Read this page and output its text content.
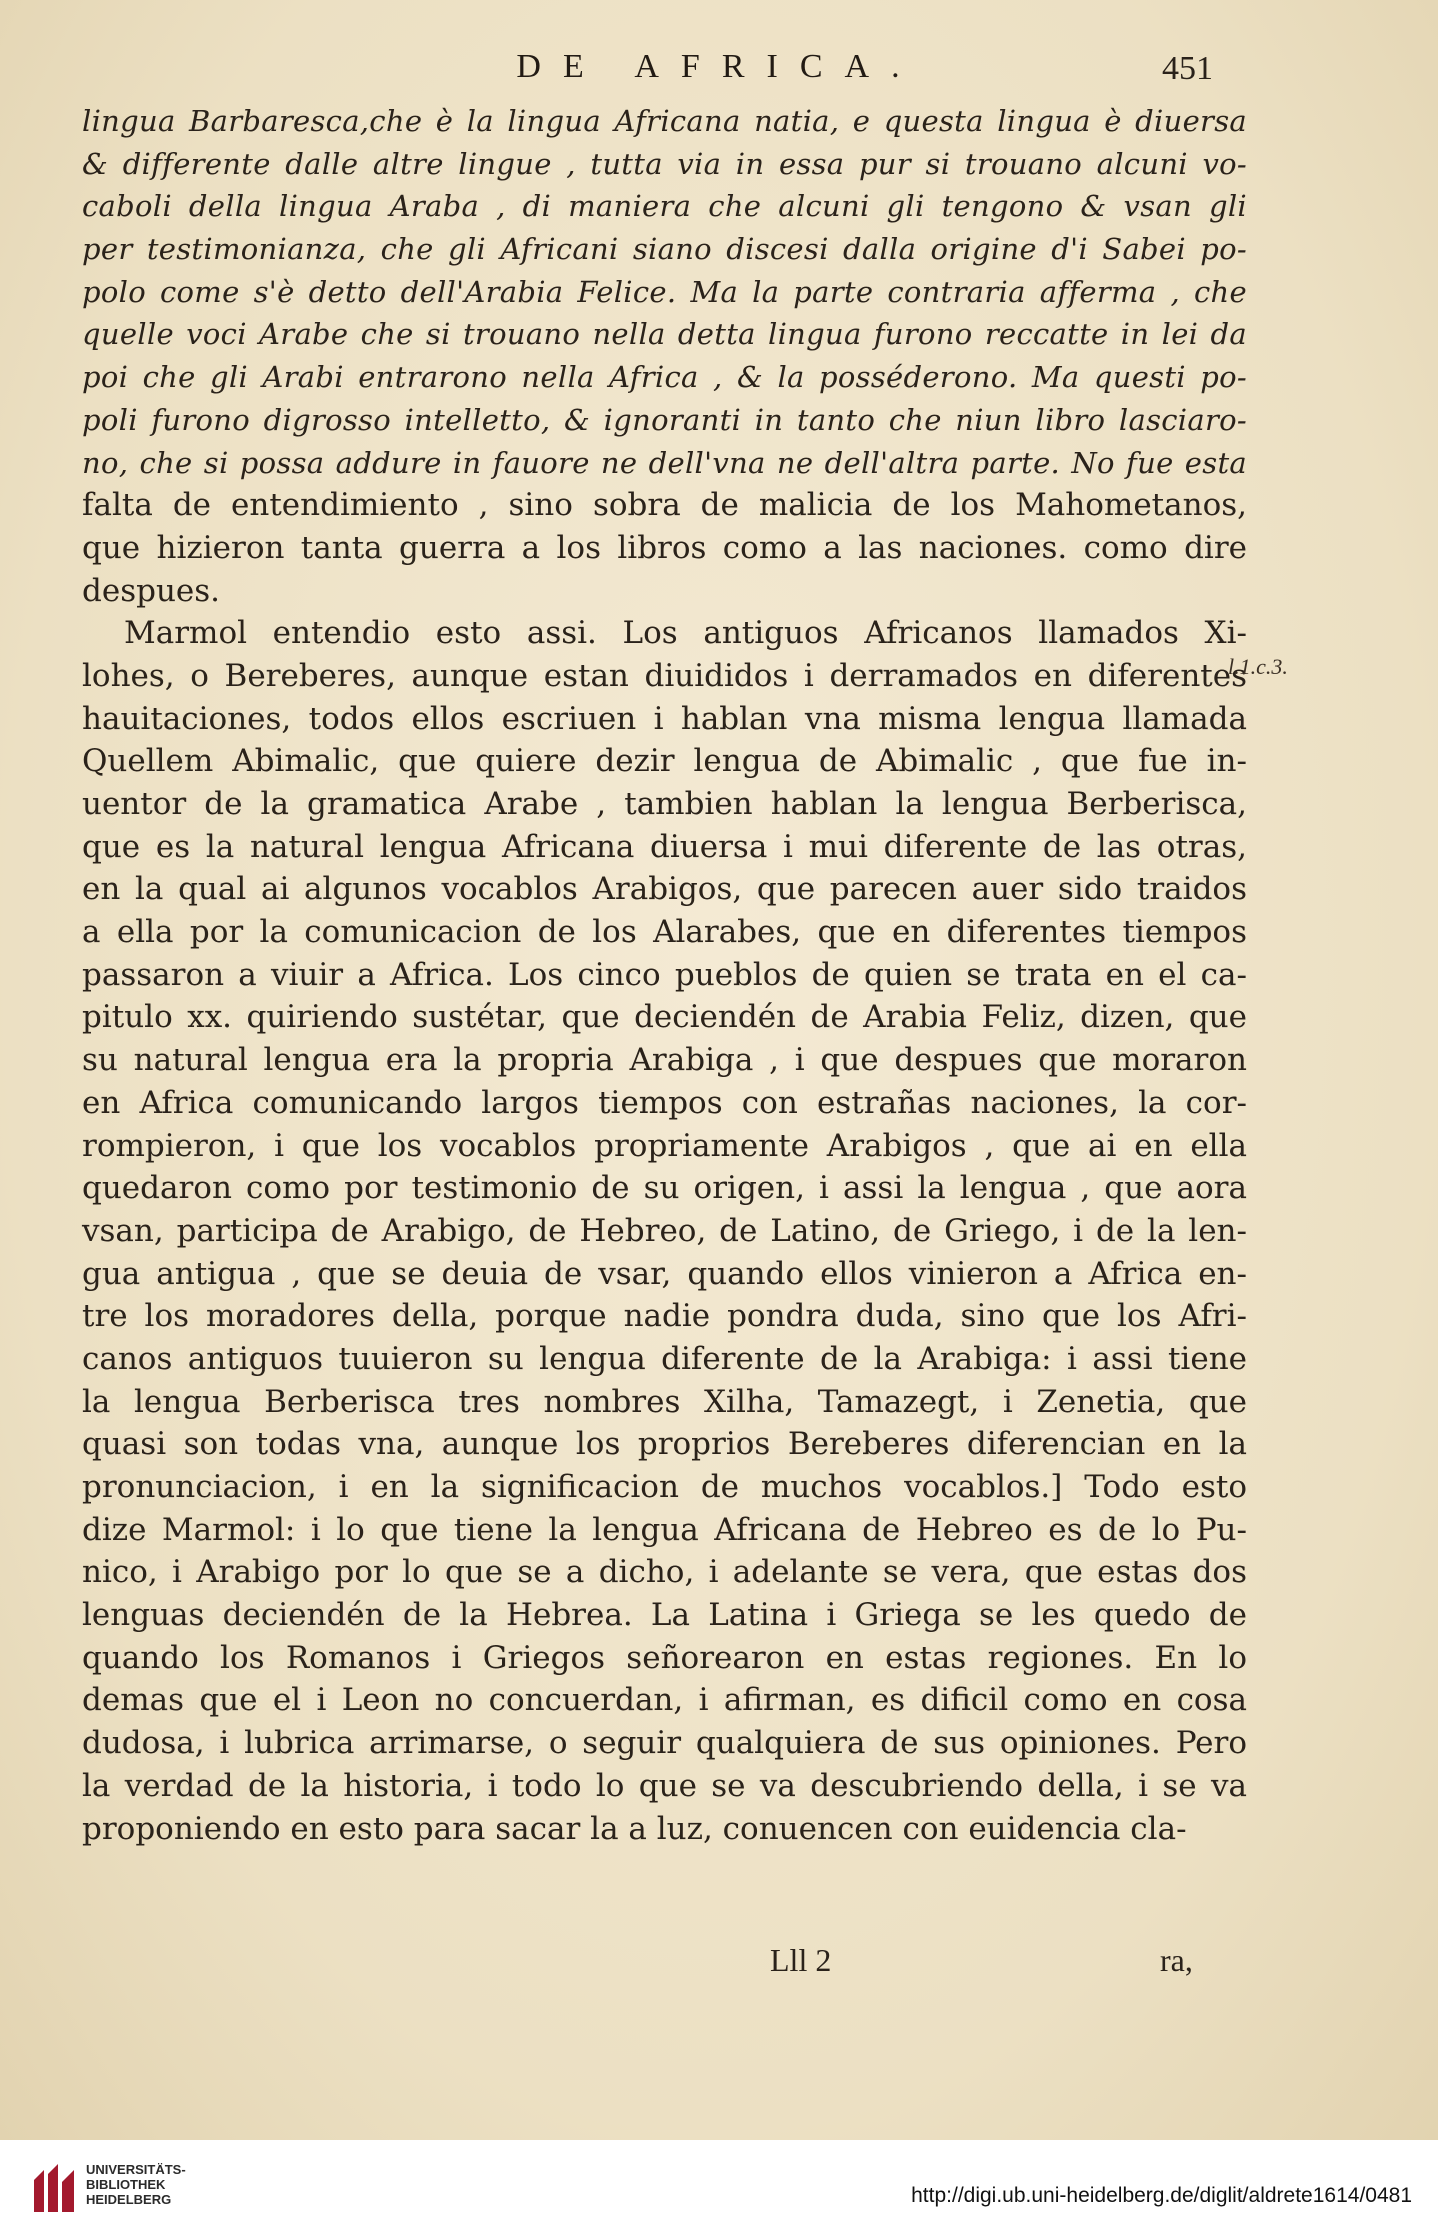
DE AFRICA.	451
lingua Barbaresca,che è la lingua Africana natia, e questa lingua è diuersa
& differente dalle altre lingue , tutta via in essa pur si trouano alcuni vo-
caboli della lingua Araba , di maniera che alcuni gli tengono & vsan gli
per testimonianza, che gli Africani siano discesi dalla origine d'i Sabei po-
polo come s'è detto dell'Arabia Felice. Ma la parte contraria afferma , che
quelle voci Arabe che si trouano nella detta lingua furono reccatte in lei da
poi che gli Arabi entrarono nella Africa , & la posséderono. Ma questi po-
poli furono digrosso intelletto, & ignoranti in tanto che niun libro lasciaro-
no, che si possa addure in fauore ne dell'vna ne dell'altra parte. No fue esta
falta de entendimiento , sino sobra de malicia de los Mahometanos,
que hizieron tanta guerra a los libros como a las naciones. como dire
despues.
Marmol entendio esto assi. Los antiguos Africanos llamados Xi-
lohes, o Bereberes, aunque estan diuididos i derramados en diferentes
hauitaciones, todos ellos escriuen i hablan vna misma lengua llamada
Quellem Abimalic, que quiere dezir lengua de Abimalic , que fue in-
uentor de la gramatica Arabe , tambien hablan la lengua Berberisca,
que es la natural lengua Africana diuersa i mui diferente de las otras,
en la qual ai algunos vocablos Arabigos, que parecen auer sido traidos
a ella por la comunicacion de los Alarabes, que en diferentes tiempos
passaron a viuir a Africa. Los cinco pueblos de quien se trata en el ca-
pitulo xx. quiriendo sustétar, que deciendén de Arabia Feliz, dizen, que
su natural lengua era la propria Arabiga , i que despues que moraron
en Africa comunicando largos tiempos con estrañas naciones, la cor-
rompieron, i que los vocablos propriamente Arabigos , que ai en ella
quedaron como por testimonio de su origen, i assi la lengua , que aora
vsan, participa de Arabigo, de Hebreo, de Latino, de Griego, i de la len-
gua antigua , que se deuia de vsar, quando ellos vinieron a Africa en-
tre los moradores della, porque nadie pondra duda, sino que los Afri-
canos antiguos tuuieron su lengua diferente de la Arabiga: i assi tiene
la lengua Berberisca tres nombres Xilha, Tamazegt, i Zenetia, que
quasi son todas vna, aunque los proprios Bereberes diferencian en la
pronunciacion, i en la significacion de muchos vocablos.] Todo esto
dize Marmol: i lo que tiene la lengua Africana de Hebreo es de lo Pu-
nico, i Arabigo por lo que se a dicho, i adelante se vera, que estas dos
lenguas deciendén de la Hebrea. La Latina i Griega se les quedo de
quando los Romanos i Griegos señorearon en estas regiones. En lo
demas que el i Leon no concuerdan, i afirman, es dificil como en cosa
dudosa, i lubrica arrimarse, o seguir qualquiera de sus opiniones. Pero
la verdad de la historia, i todo lo que se va descubriendo della, i se va
proponiendo en esto para sacar la a luz, conuencen con euidencia cla-
l.1.c.3.
Lll 2	ra,
UNIVERSITÄTS-
BIBLIOTHEK
HEIDELBERG	http://digi.ub.uni-heidelberg.de/diglit/aldrete1614/0481
